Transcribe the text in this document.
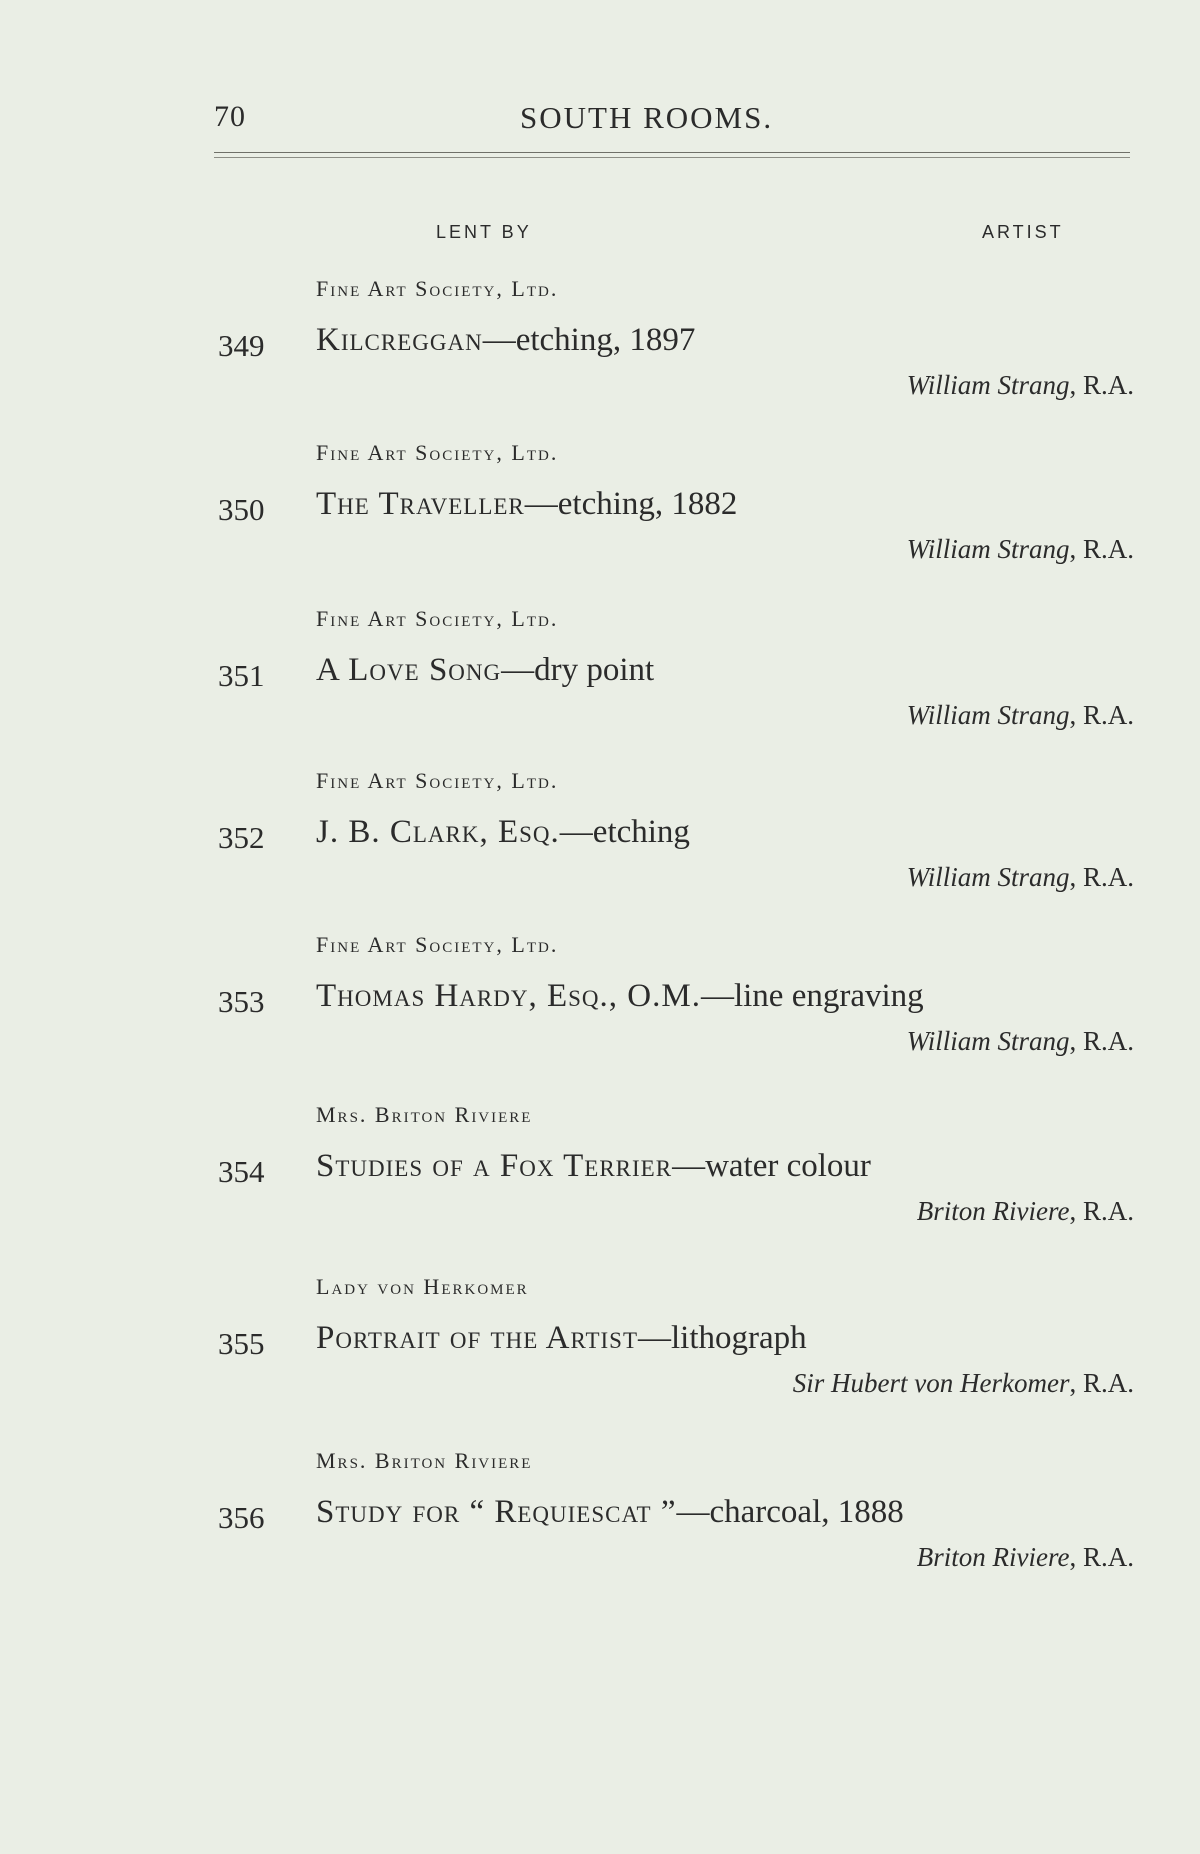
70	SOUTH ROOMS.
LENT BY	ARTIST
Fine Art Society, Ltd.
349 Kilcreggan—etching, 1897
William Strang, R.A.
Fine Art Society, Ltd.
350 The Traveller—etching, 1882
William Strang, R.A.
Fine Art Society, Ltd.
351 A Love Song—dry point
William Strang, R.A.
Fine Art Society, Ltd.
352 J. B. Clark, Esq.—etching
William Strang, R.A.
Fine Art Society, Ltd.
353 Thomas Hardy, Esq., O.M.—line engraving
William Strang, R.A.
Mrs. Briton Riviere
354 Studies of a Fox Terrier—water colour
Briton Riviere, R.A.
Lady von Herkomer
355 Portrait of the Artist—lithograph
Sir Hubert von Herkomer, R.A.
Mrs. Briton Riviere
356 Study for “ Requiescat ”—charcoal, 1888
Briton Riviere, R.A.
